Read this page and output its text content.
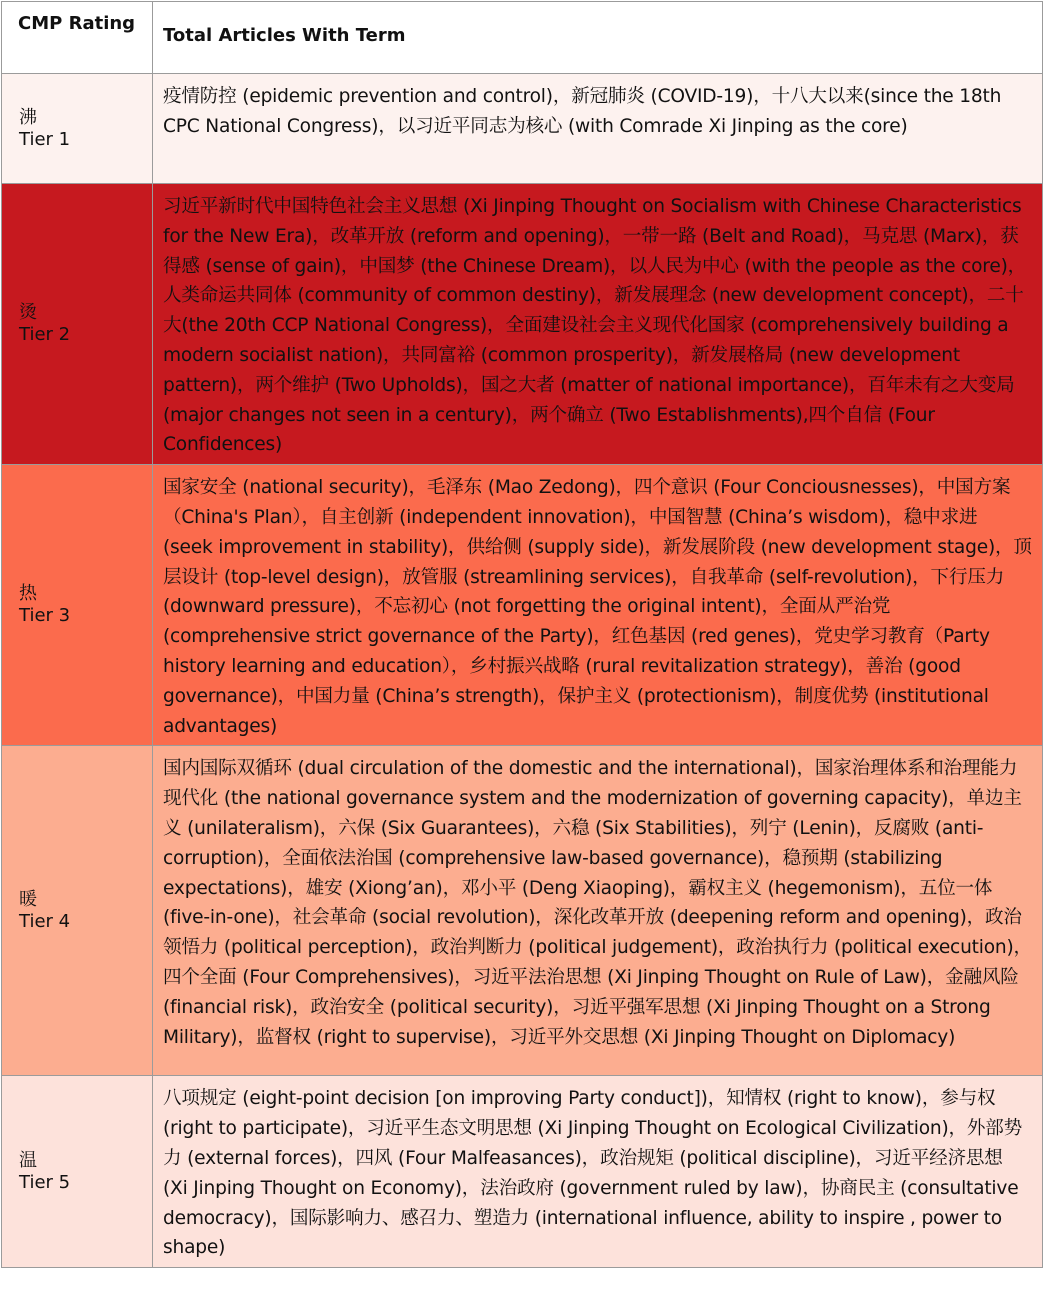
CMP Rating	Total Articles With Term

沸
Tier 1	疫情防控 (epidemic prevention and control)，新冠肺炎 (COVID-19)，十八大以来(since the 18th CPC National Congress)，以习近平同志为核心 (with Comrade Xi Jinping as the core)

烫
Tier 2	习近平新时代中国特色社会主义思想 (Xi Jinping Thought on Socialism with Chinese Characteristics for the New Era)，改革开放 (reform and opening)，一带一路 (Belt and Road)，马克思 (Marx)，获得感 (sense of gain)，中国梦 (the Chinese Dream)，以人民为中心 (with the people as the core)，人类命运共同体 (community of common destiny)，新发展理念 (new development concept)，二十大(the 20th CCP National Congress)，全面建设社会主义现代化国家 (comprehensively building a modern socialist nation)，共同富裕 (common prosperity)，新发展格局 (new development pattern)，两个维护 (Two Upholds)，国之大者 (matter of national importance)，百年未有之大变局 (major changes not seen in a century)，两个确立 (Two Establishments),四个自信 (Four Confidences)

热
Tier 3	国家安全 (national security)，毛泽东 (Mao Zedong)，四个意识 (Four Conciousnesses)，中国方案（China's Plan），自主创新 (independent innovation)，中国智慧 (China’s wisdom)，稳中求进 (seek improvement in stability)，供给侧 (supply side)，新发展阶段 (new development stage)，顶层设计 (top-level design)，放管服 (streamlining services)，自我革命 (self-revolution)，下行压力 (downward pressure)，不忘初心 (not forgetting the original intent)，全面从严治党 (comprehensive strict governance of the Party)，红色基因 (red genes)，党史学习教育（Party history learning and education），乡村振兴战略 (rural revitalization strategy)，善治 (good governance)，中国力量 (China’s strength)，保护主义 (protectionism)，制度优势 (institutional advantages)

暖
Tier 4	国内国际双循环 (dual circulation of the domestic and the international)，国家治理体系和治理能力现代化 (the national governance system and the modernization of governing capacity)，单边主义 (unilateralism)，六保 (Six Guarantees)，六稳 (Six Stabilities)，列宁 (Lenin)，反腐败 (anti-corruption)，全面依法治国 (comprehensive law-based governance)，稳预期 (stabilizing expectations)，雄安 (Xiong’an)，邓小平 (Deng Xiaoping)，霸权主义 (hegemonism)，五位一体 (five-in-one)，社会革命 (social revolution)，深化改革开放 (deepening reform and opening)，政治领悟力 (political perception)，政治判断力 (political judgement)，政治执行力 (political execution)，四个全面 (Four Comprehensives)，习近平法治思想 (Xi Jinping Thought on Rule of Law)，金融风险 (financial risk)，政治安全 (political security)，习近平强军思想 (Xi Jinping Thought on a Strong Military)，监督权 (right to supervise)，习近平外交思想 (Xi Jinping Thought on Diplomacy)

温
Tier 5	八项规定 (eight-point decision [on improving Party conduct])，知情权 (right to know)，参与权 (right to participate)，习近平生态文明思想 (Xi Jinping Thought on Ecological Civilization)，外部势力 (external forces)，四风 (Four Malfeasances)，政治规矩 (political discipline)，习近平经济思想 (Xi Jinping Thought on Economy)，法治政府 (government ruled by law)，协商民主 (consultative democracy)，国际影响力、感召力、塑造力 (international influence, ability to inspire , power to shape)
